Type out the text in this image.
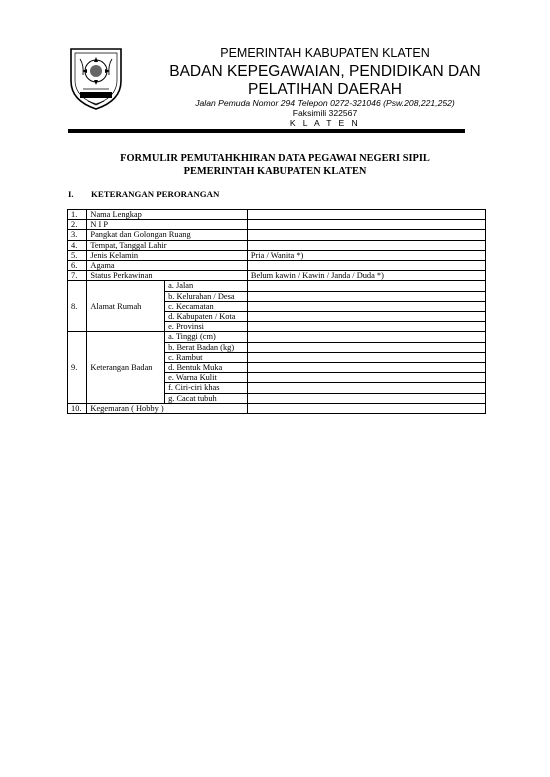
PEMERINTAH KABUPATEN KLATEN
BADAN KEPEGAWAIAN, PENDIDIKAN DAN
PELATIHAN DAERAH
Jalan Pemuda Nomor 294 Telepon 0272-321046 (Psw.208,221,252)
Faksimili 322567
K L A T E N
FORMULIR PEMUTAHKHIRAN DATA PEGAWAI NEGERI SIPIL
PEMERINTAH KABUPATEN KLATEN
I. KETERANGAN PERORANGAN
1.	Nama Lengkap		
2.	N I P		
3.	Pangkat dan Golongan Ruang		
4.	Tempat, Tanggal Lahir		
5.	Jenis Kelamin		Pria / Wanita *)
6.	Agama		
7.	Status Perkawinan		Belum kawin / Kawin / Janda / Duda *)
8.	Alamat Rumah	a. Jalan	
		b. Kelurahan / Desa	
		c. Kecamatan	
		d. Kabupaten / Kota	
		e. Provinsi	
9.	Keterangan Badan	a. Tinggi (cm)	
		b. Berat Badan (kg)	
		c. Rambut	
		d. Bentuk Muka	
		e. Warna Kulit	
		f. Ciri-ciri khas	
		g. Cacat tubuh	
10.	Kegemaran ( Hobby )		
